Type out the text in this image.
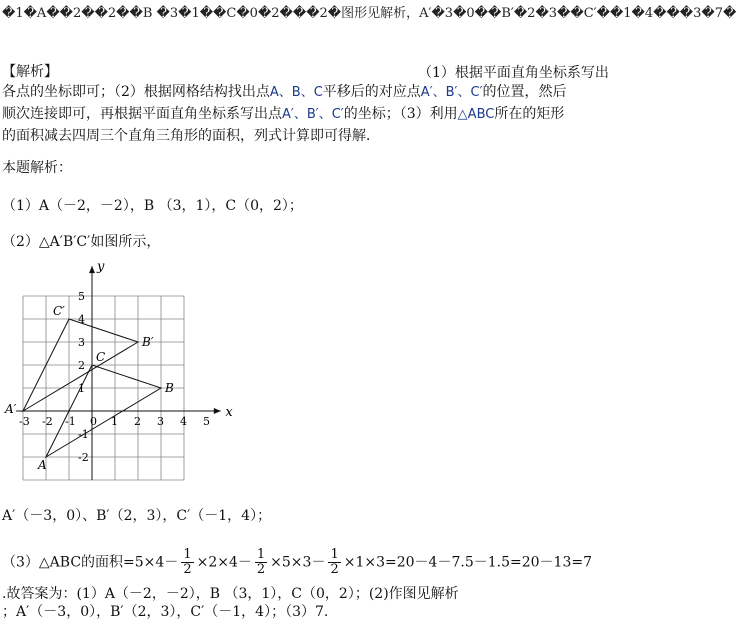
�1�A��2��2��B �3�1��C�0�2���2�图形见解析，A′�3�0��B′�2�3��C′��1�4���3�7�
【解析】	（1）根据平面直角坐标系写出
各点的坐标即可；（2）根据网格结构找出点A、B、C平移后的对应点A′、B′、C′的位置，然后
顺次连接即可，再根据平面直角坐标系写出点A′、B′、C′的坐标；（3）利用△ABC所在的矩形
的面积减去四周三个直角三角形的面积，列式计算即可得解．
本题解析：
（1）A（－2，－2），B （3，1），C（0，2）；
（2）△A′B′C′如图所示，
x
y
0
-3 -2 -1	1 2 3 4 5
-1
-2
1
2
3
4
5
A
B
C
A′
B′
C′
A′（－3，0）、B′（2，3），C′（－1，4）；
（3）△ABC的面积$=5\times 4- \frac{1}{2} \times 2\times 4- \frac{1}{2} \times 5\times 3- \frac{1}{2} \times 1\times 3=20-4-7.5-1.5=20-13=7$
.故答案为：(1）A（－2，－2），B （3，1），C（0，2）；(2)作图见解析
；A′（－3，0），B′（2，3），C′（－1，4）；（3）7.
